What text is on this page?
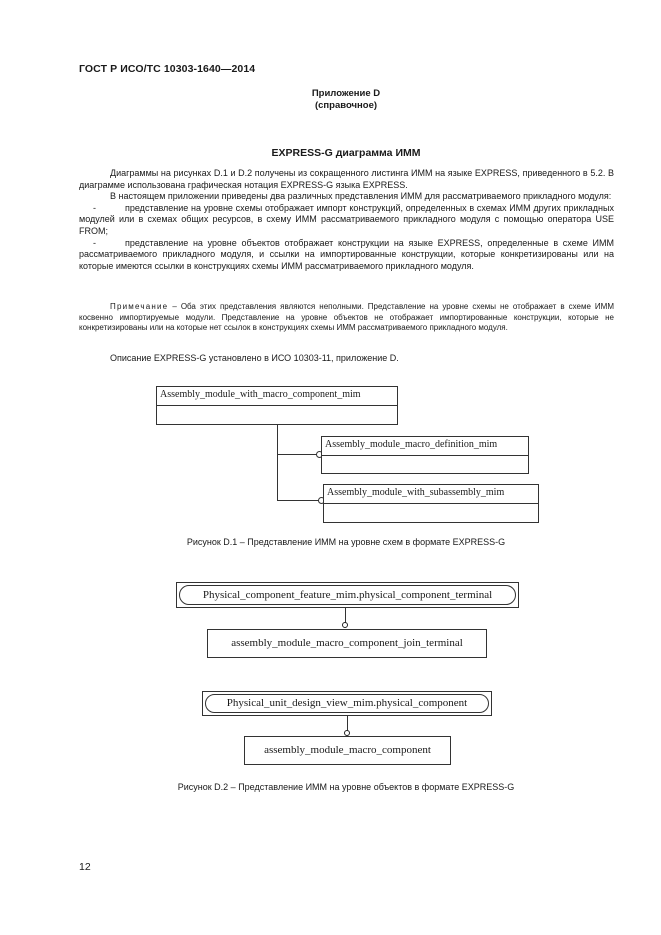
ГОСТ Р ИСО/ТС 10303-1640—2014
Приложение D
(справочное)
EXPRESS-G диаграмма ИММ

Диаграммы на рисунках D.1 и D.2 получены из сокращенного листинга ИММ на языке EXPRESS, приведенного в 5.2. В диаграмме использована графическая нотация EXPRESS-G языка EXPRESS.

В настоящем приложении приведены два различных представления ИММ для рассматриваемого прикладного модуля:

-	представление на уровне схемы отображает импорт конструкций, определенных в схемах ИММ других прикладных модулей или в схемах общих ресурсов, в схему ИММ рассматриваемого прикладного модуля с помощью оператора USE FROM;

-	представление на уровне объектов отображает конструкции на языке EXPRESS, определенные в схеме ИММ рассматриваемого прикладного модуля, и ссылки на импортированные конструкции, которые конкретизированы или на которые имеются ссылки в конструкциях схемы ИММ рассматриваемого прикладного модуля.

Примечание – Оба этих представления являются неполными. Представление на уровне схемы не отображает в схеме ИММ косвенно импортируемые модули. Представление на уровне объектов не отображает импортированные конструкции, которые не конкретизированы или на которые нет ссылок в конструкциях схемы ИММ рассматриваемого прикладного модуля.
Описание EXPRESS-G установлено в ИСО 10303-11, приложение D.
Assembly_module_with_macro_component_mim
Assembly_module_macro_definition_mim
Assembly_module_with_subassembly_mim
Рисунок D.1 – Представление ИММ на уровне схем в формате EXPRESS-G
Physical_component_feature_mim.physical_component_terminal
assembly_module_macro_component_join_terminal
Physical_unit_design_view_mim.physical_component
assembly_module_macro_component
Рисунок D.2 – Представление ИММ на уровне объектов в формате EXPRESS-G
12
